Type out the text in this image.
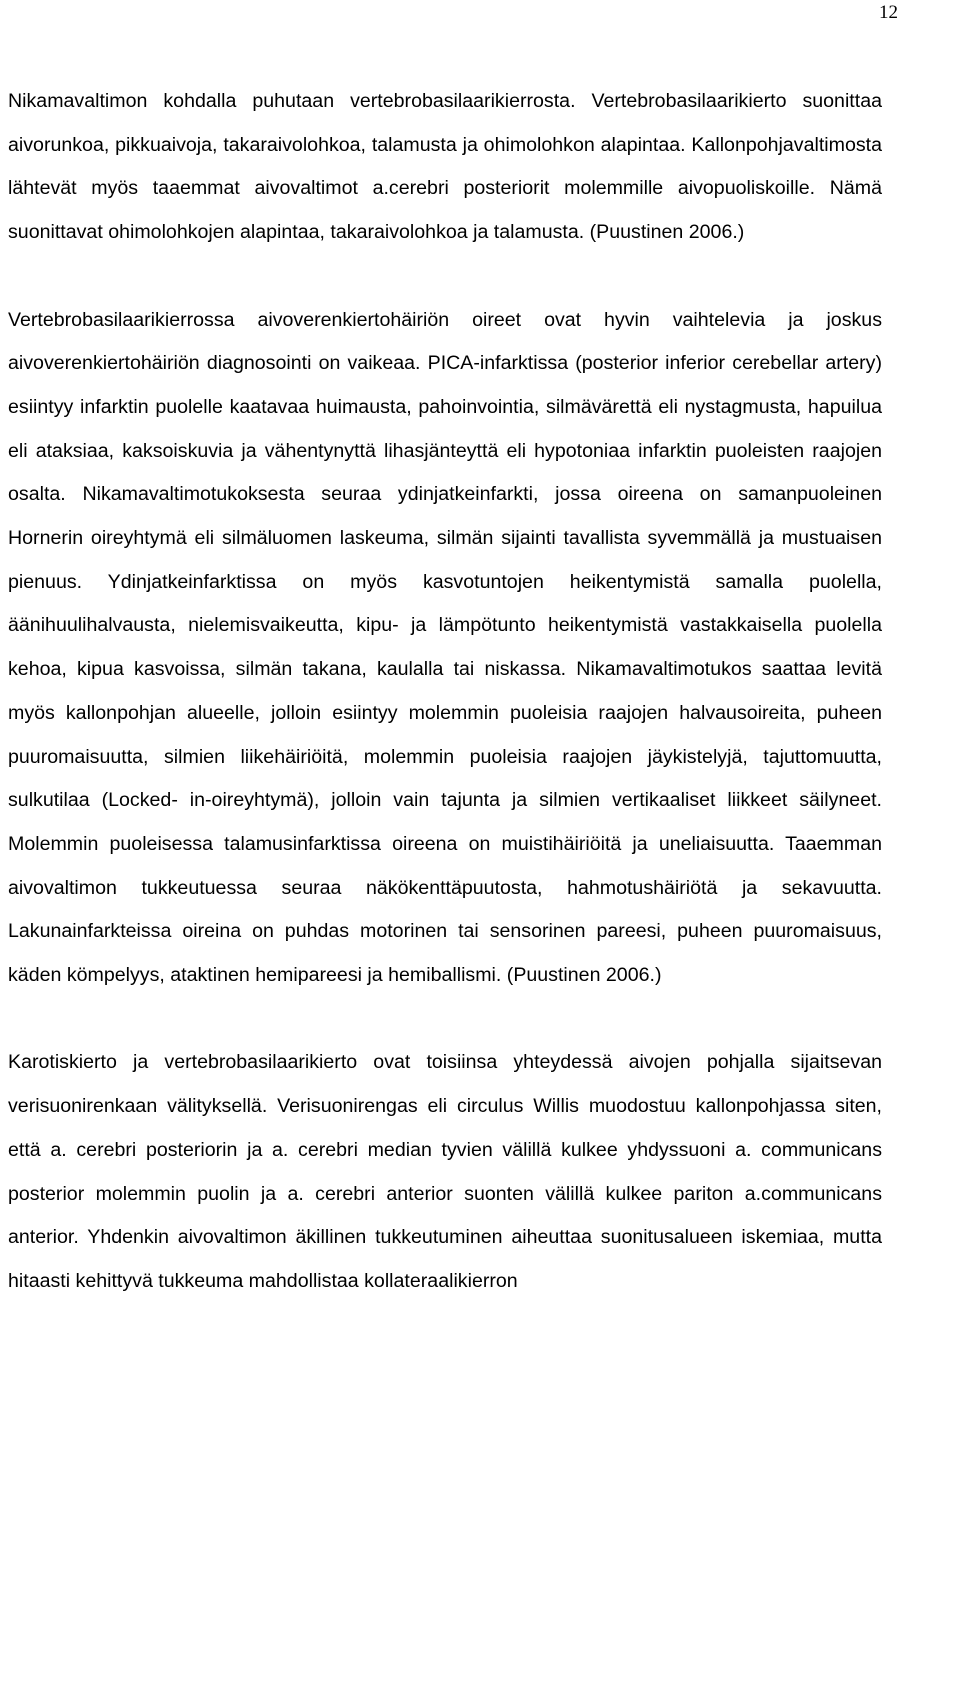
12

Nikamavaltimon kohdalla puhutaan vertebrobasilaarikierrosta. Vertebrobasilaarikierto suonittaa aivorunkoa, pikkuaivoja, takaraivolohkoa, talamusta ja ohimolohkon alapintaa. Kallonpohjavaltimosta lähtevät myös taaemmat aivovaltimot a.cerebri posteriorit molemmille aivopuoliskoille. Nämä suonittavat ohimolohkojen alapintaa, takaraivolohkoa ja talamusta. (Puustinen 2006.)

Vertebrobasilaarikierrossa aivoverenkiertohäiriön oireet ovat hyvin vaihtelevia ja joskus aivoverenkiertohäiriön diagnosointi on vaikeaa. PICA-infarktissa (posterior inferior cerebellar artery) esiintyy infarktin puolelle kaatavaa huimausta, pahoinvointia, silmävärettä eli nystagmusta, hapuilua eli ataksiaa, kaksoiskuvia ja vähentynyttä lihasjänteyttä eli hypotoniaa infarktin puoleisten raajojen osalta. Nikamavaltimotukoksesta seuraa ydinjatkeinfarkti, jossa oireena on samanpuoleinen Hornerin oireyhtymä eli silmäluomen laskeuma, silmän sijainti tavallista syvemmällä ja mustuaisen pienuus. Ydinjatkeinfarktissa on myös kasvotuntojen heikentymistä samalla puolella, äänihuulihalvausta, nielemisvaikeutta, kipu- ja lämpötunto heikentymistä vastakkaisella puolella kehoa, kipua kasvoissa, silmän takana, kaulalla tai niskassa. Nikamavaltimotukos saattaa levitä myös kallonpohjan alueelle, jolloin esiintyy molemmin puoleisia raajojen halvausoireita, puheen puuromaisuutta, silmien liikehäiriöitä, molemmin puoleisia raajojen jäykistelyjä, tajuttomuutta, sulkutilaa (Locked- in-oireyhtymä), jolloin vain tajunta ja silmien vertikaaliset liikkeet säilyneet. Molemmin puoleisessa talamusinfarktissa oireena on muistihäiriöitä ja uneliaisuutta. Taaemman aivovaltimon tukkeutuessa seuraa näkökenttäpuutosta, hahmotushäiriötä ja sekavuutta. Lakunainfarkteissa oireina on puhdas motorinen tai sensorinen pareesi, puheen puuromaisuus, käden kömpelyys, ataktinen hemipareesi ja hemiballismi. (Puustinen 2006.)

Karotiskierto ja vertebrobasilaarikierto ovat toisiinsa yhteydessä aivojen pohjalla sijaitsevan verisuonirenkaan välityksellä. Verisuonirengas eli circulus Willis muodostuu kallonpohjassa siten, että a. cerebri posteriorin ja a. cerebri median tyvien välillä kulkee yhdyssuoni a. communicans posterior molemmin puolin ja a. cerebri anterior suonten välillä kulkee pariton a.communicans anterior. Yhdenkin aivovaltimon äkillinen tukkeutuminen aiheuttaa suonitusalueen iskemiaa, mutta hitaasti kehittyvä tukkeuma mahdollistaa kollateraalikierron
